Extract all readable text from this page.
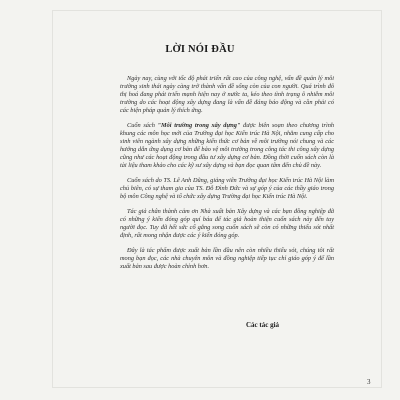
LỜI NÓI ĐẦU

Ngày nay, cùng với tốc độ phát triển rất cao của công nghệ, vấn đề quản lý môi trường sinh thái ngày càng trở thành vấn đề sống còn của con người. Quá trình đô thị hoá đang phát triển mạnh hiện nay ở nước ta, kéo theo tình trạng ô nhiễm môi trường do các hoạt động xây dựng đang là vấn đề đáng báo động và cần phải có các biện pháp quản lý thích ứng.

Cuốn sách "Môi trường trong xây dựng" được biên soạn theo chương trình khung các môn học mới của Trường đại học Kiến trúc Hà Nội, nhằm cung cấp cho sinh viên ngành xây dựng những kiến thức cơ bản về môi trường nói chung và các hướng dẫn ứng dụng cơ bản để bảo vệ môi trường trong công tác thi công xây dựng cũng như các hoạt động trong đầu tư xây dựng cơ bản. Đồng thời cuốn sách còn là tài liệu tham khảo cho các kỹ sư xây dựng và bạn đọc quan tâm đến chủ đề này.

Cuốn sách do TS. Lê Anh Dũng, giảng viên Trường đại học Kiến trúc Hà Nội làm chủ biên, có sự tham gia của TS. Đỗ Đình Đức và sự góp ý của các thầy giáo trong bộ môn Công nghệ và tổ chức xây dựng Trường đại học Kiến trúc Hà Nội.

Tác giả chân thành cảm ơn Nhà xuất bản Xây dựng và các bạn đồng nghiệp đã có những ý kiến đóng góp quí báu để tác giả hoàn thiện cuốn sách này đến tay người đọc. Tuy đã hết sức cố gắng song cuốn sách sẽ còn có những thiếu sót nhất định, rất mong nhận được các ý kiến đóng góp.

Đây là tác phẩm được xuất bản lần đầu nên còn nhiều thiếu sót, chúng tôi rất mong bạn đọc, các nhà chuyên môn và đồng nghiệp tiếp tục chỉ giáo góp ý để lần xuất bản sau được hoàn chỉnh hơn.

Các tác giả
3
